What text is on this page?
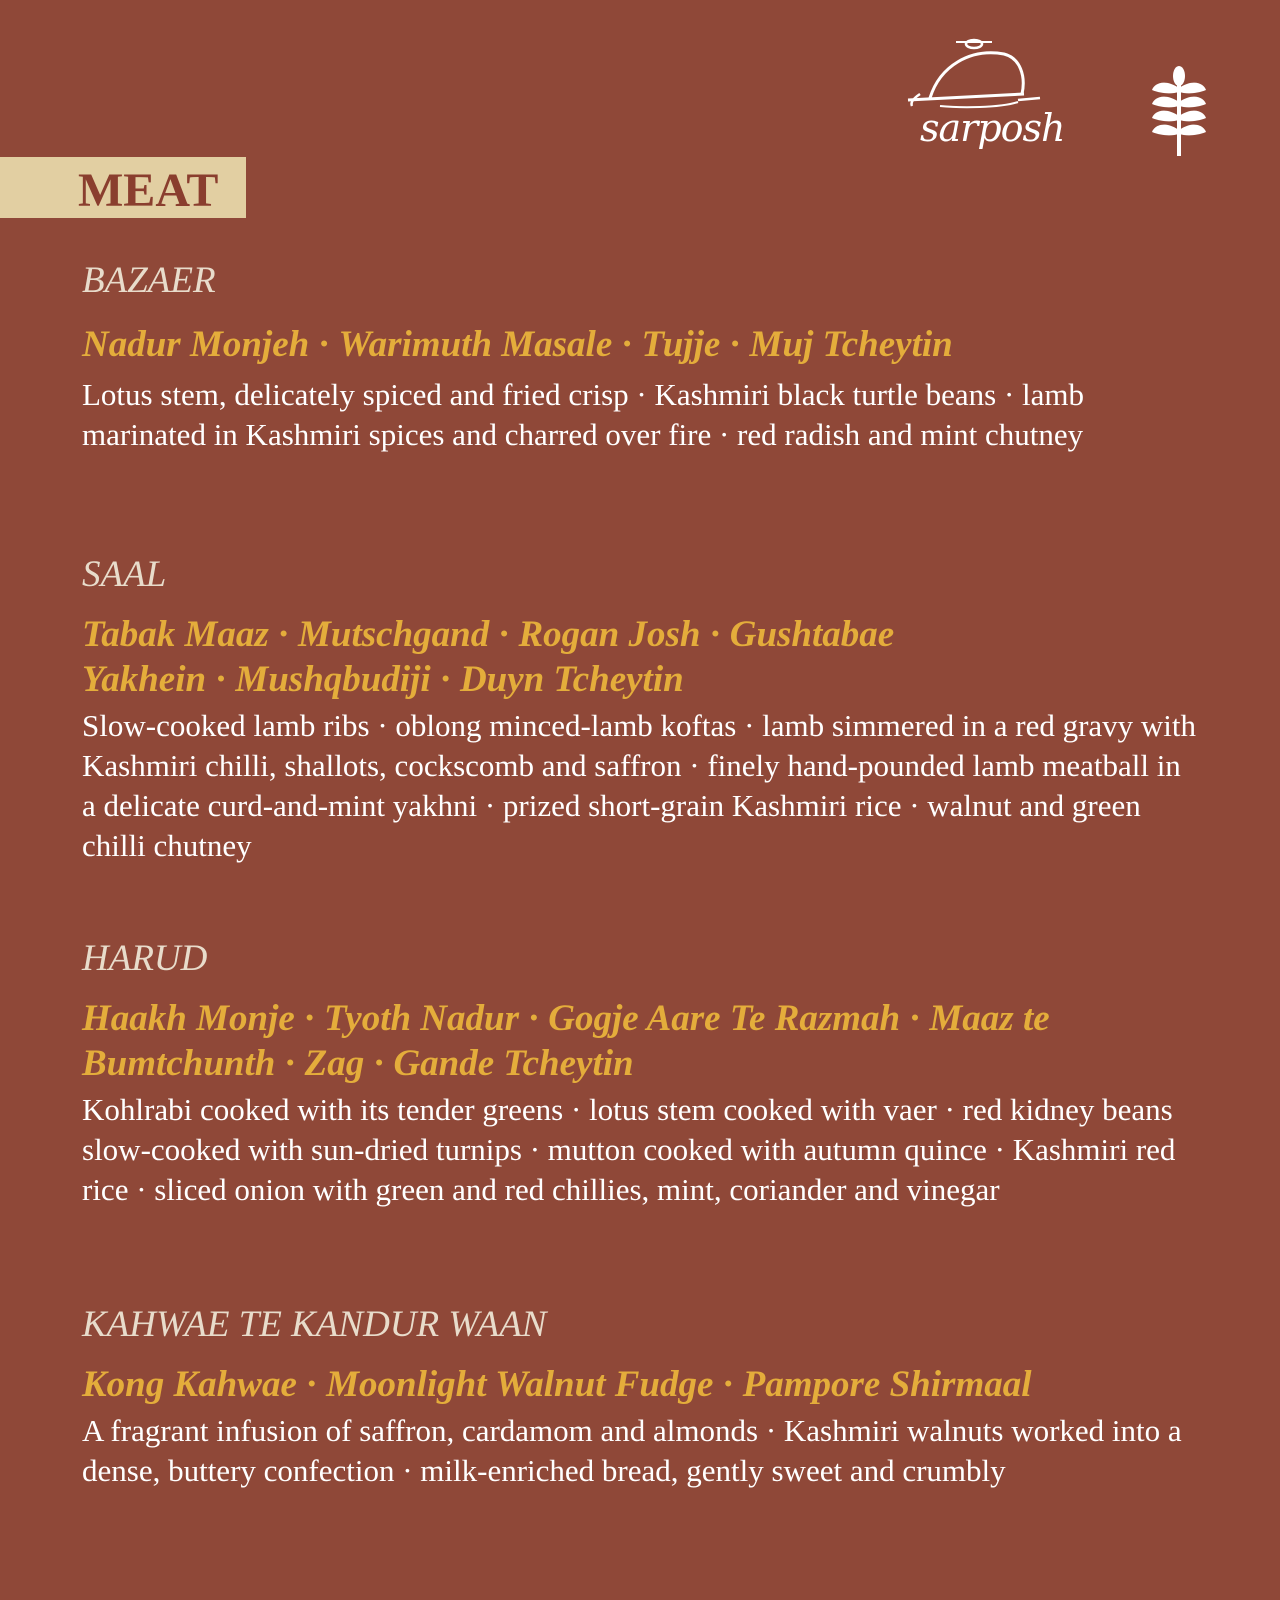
sarposh
MEAT

BAZAER

Nadur Monjeh · Warimuth Masale · Tujje · Muj Tcheytin

Lotus stem, delicately spiced and fried crisp · Kashmiri black turtle beans · lamb marinated in Kashmiri spices and charred over fire · red radish and mint chutney

SAAL

Tabak Maaz · Mutschgand · Rogan Josh · Gushtabae Yakhein · Mushqbudiji · Duyn Tcheytin

Slow-cooked lamb ribs · oblong minced-lamb koftas · lamb simmered in a red gravy with Kashmiri chilli, shallots, cockscomb and saffron · finely hand-pounded lamb meatball in a delicate curd-and-mint yakhni · prized short-grain Kashmiri rice · walnut and green chilli chutney

HARUD

Haakh Monje · Tyoth Nadur · Gogje Aare Te Razmah · Maaz te Bumtchunth · Zag · Gande Tcheytin

Kohlrabi cooked with its tender greens · lotus stem cooked with vaer · red kidney beans slow-cooked with sun-dried turnips · mutton cooked with autumn quince · Kashmiri red rice · sliced onion with green and red chillies, mint, coriander and vinegar

KAHWAE TE KANDUR WAAN

Kong Kahwae · Moonlight Walnut Fudge · Pampore Shirmaal

A fragrant infusion of saffron, cardamom and almonds · Kashmiri walnuts worked into a dense, buttery confection · milk-enriched bread, gently sweet and crumbly
